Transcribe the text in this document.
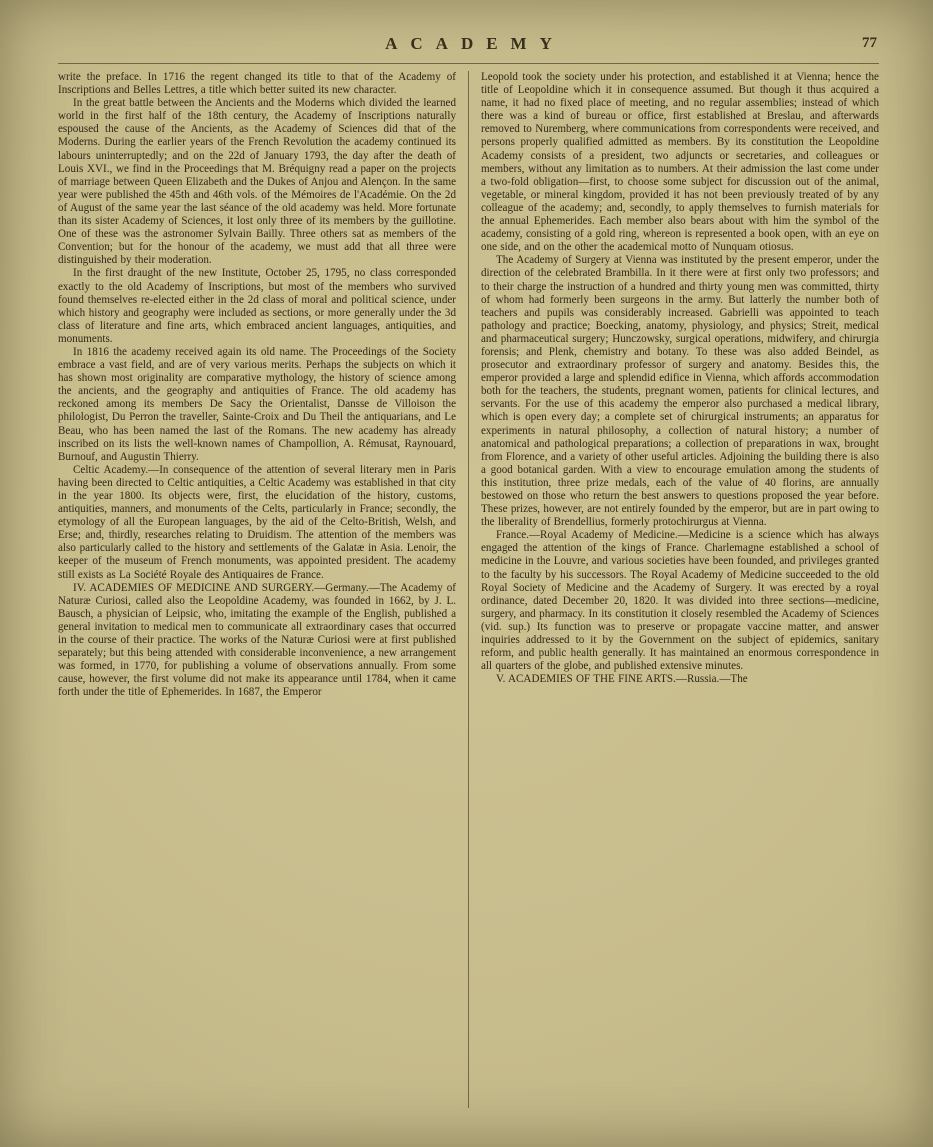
ACADEMY	77

write the preface. In 1716 the regent changed its title to that of the Academy of Inscriptions and Belles Lettres, a title which better suited its new character.

In the great battle between the Ancients and the Moderns which divided the learned world in the first half of the 18th century, the Academy of Inscriptions naturally espoused the cause of the Ancients, as the Academy of Sciences did that of the Moderns. During the earlier years of the French Revolution the academy continued its labours uninterruptedly; and on the 22d of January 1793, the day after the death of Louis XVI., we find in the Proceedings that M. Bréquigny read a paper on the projects of marriage between Queen Elizabeth and the Dukes of Anjou and Alençon. In the same year were published the 45th and 46th vols. of the Mémoires de l'Académie. On the 2d of August of the same year the last séance of the old academy was held. More fortunate than its sister Academy of Sciences, it lost only three of its members by the guillotine. One of these was the astronomer Sylvain Bailly. Three others sat as members of the Convention; but for the honour of the academy, we must add that all three were distinguished by their moderation.

In the first draught of the new Institute, October 25, 1795, no class corresponded exactly to the old Academy of Inscriptions, but most of the members who survived found themselves re-elected either in the 2d class of moral and political science, under which history and geography were included as sections, or more generally under the 3d class of literature and fine arts, which embraced ancient languages, antiquities, and monuments.

In 1816 the academy received again its old name. The Proceedings of the Society embrace a vast field, and are of very various merits. Perhaps the subjects on which it has shown most originality are comparative mythology, the history of science among the ancients, and the geography and antiquities of France. The old academy has reckoned among its members De Sacy the Orientalist, Dansse de Villoison the philologist, Du Perron the traveller, Sainte-Croix and Du Theil the antiquarians, and Le Beau, who has been named the last of the Romans. The new academy has already inscribed on its lists the well-known names of Champollion, A. Rémusat, Raynouard, Burnouf, and Augustin Thierry.

Celtic Academy.—In consequence of the attention of several literary men in Paris having been directed to Celtic antiquities, a Celtic Academy was established in that city in the year 1800. Its objects were, first, the elucidation of the history, customs, antiquities, manners, and monuments of the Celts, particularly in France; secondly, the etymology of all the European languages, by the aid of the Celto-British, Welsh, and Erse; and, thirdly, researches relating to Druidism. The attention of the members was also particularly called to the history and settlements of the Galatæ in Asia. Lenoir, the keeper of the museum of French monuments, was appointed president. The academy still exists as La Société Royale des Antiquaires de France.

IV. ACADEMIES OF MEDICINE AND SURGERY.—Germany.—The Academy of Naturæ Curiosi, called also the Leopoldine Academy, was founded in 1662, by J. L. Bausch, a physician of Leipsic, who, imitating the example of the English, published a general invitation to medical men to communicate all extraordinary cases that occurred in the course of their practice. The works of the Naturæ Curiosi were at first published separately; but this being attended with considerable inconvenience, a new arrangement was formed, in 1770, for publishing a volume of observations annually. From some cause, however, the first volume did not make its appearance until 1784, when it came forth under the title of Ephemerides. In 1687, the Emperor

Leopold took the society under his protection, and established it at Vienna; hence the title of Leopoldine which it in consequence assumed. But though it thus acquired a name, it had no fixed place of meeting, and no regular assemblies; instead of which there was a kind of bureau or office, first established at Breslau, and afterwards removed to Nuremberg, where communications from correspondents were received, and persons properly qualified admitted as members. By its constitution the Leopoldine Academy consists of a president, two adjuncts or secretaries, and colleagues or members, without any limitation as to numbers. At their admission the last come under a two-fold obligation—first, to choose some subject for discussion out of the animal, vegetable, or mineral kingdom, provided it has not been previously treated of by any colleague of the academy; and, secondly, to apply themselves to furnish materials for the annual Ephemerides. Each member also bears about with him the symbol of the academy, consisting of a gold ring, whereon is represented a book open, with an eye on one side, and on the other the academical motto of Nunquam otiosus.

The Academy of Surgery at Vienna was instituted by the present emperor, under the direction of the celebrated Brambilla. In it there were at first only two professors; and to their charge the instruction of a hundred and thirty young men was committed, thirty of whom had formerly been surgeons in the army. But latterly the number both of teachers and pupils was considerably increased. Gabrielli was appointed to teach pathology and practice; Boecking, anatomy, physiology, and physics; Streit, medical and pharmaceutical surgery; Hunczowsky, surgical operations, midwifery, and chirurgia forensis; and Plenk, chemistry and botany. To these was also added Beindel, as prosecutor and extraordinary professor of surgery and anatomy. Besides this, the emperor provided a large and splendid edifice in Vienna, which affords accommodation both for the teachers, the students, pregnant women, patients for clinical lectures, and servants. For the use of this academy the emperor also purchased a medical library, which is open every day; a complete set of chirurgical instruments; an apparatus for experiments in natural philosophy, a collection of natural history; a number of anatomical and pathological preparations; a collection of preparations in wax, brought from Florence, and a variety of other useful articles. Adjoining the building there is also a good botanical garden. With a view to encourage emulation among the students of this institution, three prize medals, each of the value of 40 florins, are annually bestowed on those who return the best answers to questions proposed the year before. These prizes, however, are not entirely founded by the emperor, but are in part owing to the liberality of Brendellius, formerly protochirurgus at Vienna.

France.—Royal Academy of Medicine.—Medicine is a science which has always engaged the attention of the kings of France. Charlemagne established a school of medicine in the Louvre, and various societies have been founded, and privileges granted to the faculty by his successors. The Royal Academy of Medicine succeeded to the old Royal Society of Medicine and the Academy of Surgery. It was erected by a royal ordinance, dated December 20, 1820. It was divided into three sections—medicine, surgery, and pharmacy. In its constitution it closely resembled the Academy of Sciences (vid. sup.) Its function was to preserve or propagate vaccine matter, and answer inquiries addressed to it by the Government on the subject of epidemics, sanitary reform, and public health generally. It has maintained an enormous correspondence in all quarters of the globe, and published extensive minutes.

V. ACADEMIES OF THE FINE ARTS.—Russia.—The
